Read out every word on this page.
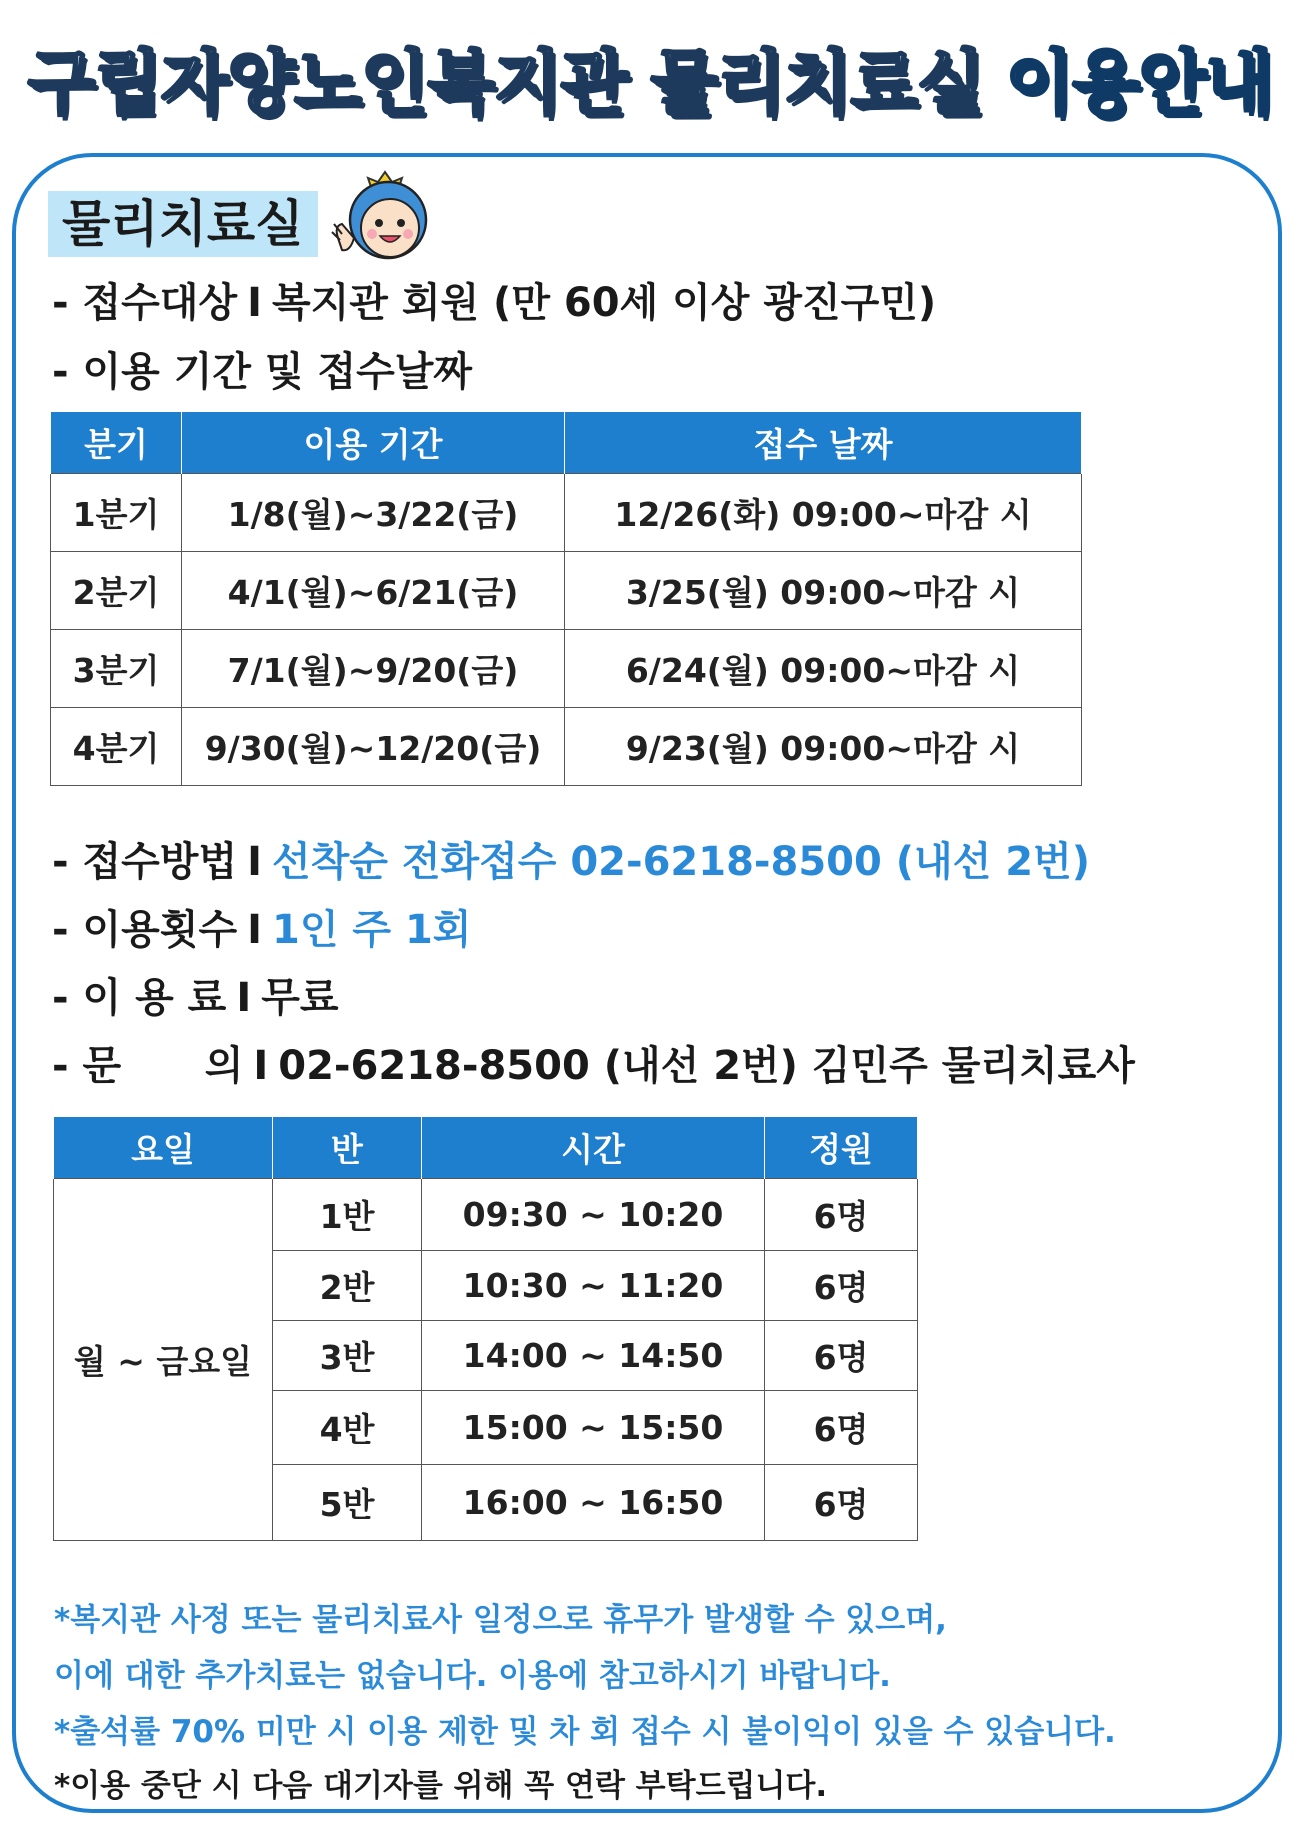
구립자양노인복지관 물리치료실 이용안내
물리치료실
- 접수대상 I 복지관 회원 (만 60세 이상 광진구민)
- 이용 기간 및 접수날짜
분기	이용 기간	접수 날짜
1분기	1/8(월)~3/22(금)	12/26(화) 09:00~마감 시
2분기	4/1(월)~6/21(금)	3/25(월) 09:00~마감 시
3분기	7/1(월)~9/20(금)	6/24(월) 09:00~마감 시
4분기	9/30(월)~12/20(금)	9/23(월) 09:00~마감 시
- 접수방법 I 선착순 전화접수 02-6218-8500 (내선 2번)
- 이용횟수 I 1인 주 1회
- 이 용 료 I 무료
- 문      의 I 02-6218-8500 (내선 2번) 김민주 물리치료사
요일	반	시간	정원
월 ~ 금요일	1반	09:30 ~ 10:20	6명
	2반	10:30 ~ 11:20	6명
	3반	14:00 ~ 14:50	6명
	4반	15:00 ~ 15:50	6명
	5반	16:00 ~ 16:50	6명
*복지관 사정 또는 물리치료사 일정으로 휴무가 발생할 수 있으며,
이에 대한 추가치료는 없습니다. 이용에 참고하시기 바랍니다.
*출석률 70% 미만 시 이용 제한 및 차 회 접수 시 불이익이 있을 수 있습니다.
*이용 중단 시 다음 대기자를 위해 꼭 연락 부탁드립니다.
